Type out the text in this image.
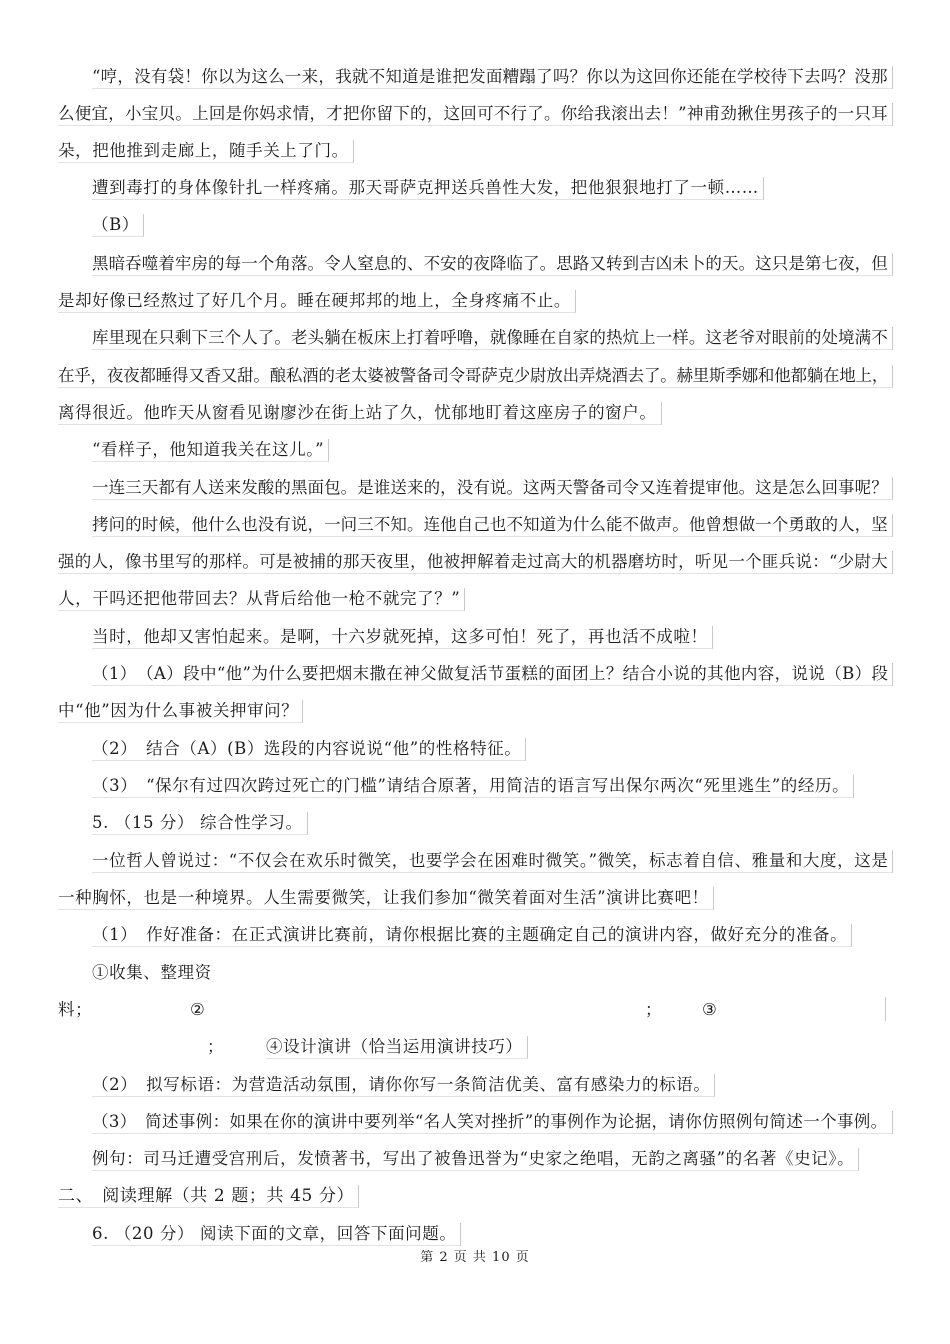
“哼，没有袋！你以为这么一来，我就不知道是谁把发面糟蹋了吗？你以为这回你还能在学校待下去吗？没那
么便宜，小宝贝。上回是你妈求情，才把你留下的，这回可不行了。你给我滚出去！”神甫劲揪住男孩子的一只耳
朵，把他推到走廊上，随手关上了门。
遭到毒打的身体像针扎一样疼痛。那天哥萨克押送兵兽性大发，把他狠狠地打了一顿……
（B）
黑暗吞噬着牢房的每一个角落。令人窒息的、不安的夜降临了。思路又转到吉凶未卜的天。这只是第七夜，但
是却好像已经熬过了好几个月。睡在硬邦邦的地上，全身疼痛不止。
库里现在只剩下三个人了。老头躺在板床上打着呼噜，就像睡在自家的热炕上一样。这老爷对眼前的处境满不
在乎，夜夜都睡得又香又甜。酿私酒的老太婆被警备司令哥萨克少尉放出弄烧酒去了。赫里斯季娜和他都躺在地上，
离得很近。他昨天从窗看见谢廖沙在街上站了久，忧郁地盯着这座房子的窗户。
“看样子，他知道我关在这儿。”
一连三天都有人送来发酸的黑面包。是谁送来的，没有说。这两天警备司令又连着提审他。这是怎么回事呢？
拷问的时候，他什么也没有说，一问三不知。连他自己也不知道为什么能不做声。他曾想做一个勇敢的人，坚
强的人，像书里写的那样。可是被捕的那天夜里，他被押解着走过高大的机器磨坊时，听见一个匪兵说：“少尉大
人，干吗还把他带回去？从背后给他一枪不就完了？”
当时，他却又害怕起来。是啊，十六岁就死掉，这多可怕！死了，再也活不成啦！
（1）　（A）段中“他”为什么要把烟末撒在神父做复活节蛋糕的面团上？结合小说的其他内容，说说（B）段
中“他”因为什么事被关押审问？
（2）　结合（A）(B）选段的内容说说“他”的性格特征。
（3）　“保尔有过四次跨过死亡的门槛”请结合原著，用简洁的语言写出保尔两次“死里逃生”的经历。
5. （15 分） 综合性学习。
一位哲人曾说过：“不仅会在欢乐时微笑，也要学会在困难时微笑。”微笑，标志着自信、雅量和大度，这是
一种胸怀，也是一种境界。人生需要微笑，让我们参加“微笑着面对生活”演讲比赛吧！
（1）　作好准备：在正式演讲比赛前，请你根据比赛的主题确定自己的演讲内容，做好充分的准备。
①收集、整理资
料；	②	； ③
；	④设计演讲（恰当运用演讲技巧）
（2）　拟写标语：为营造活动氛围，请你你写一条简洁优美、富有感染力的标语。
（3）　简述事例：如果在你的演讲中要列举“名人笑对挫折”的事例作为论据，请你仿照例句简述一个事例。
例句：司马迁遭受宫刑后，发愤著书，写出了被鲁迅誉为“史家之绝唱，无韵之离骚”的名著《史记》。
二、　阅读理解（共 2 题；共 45 分）
6. （20 分） 阅读下面的文章，回答下面问题。
第 2 页 共 10 页
